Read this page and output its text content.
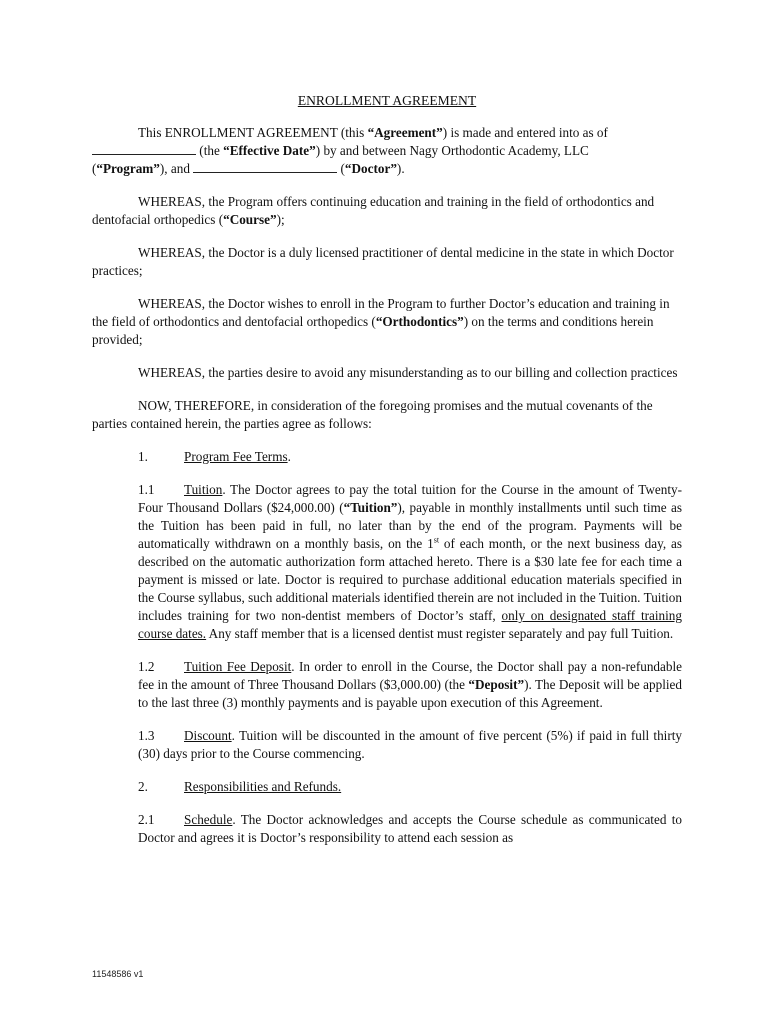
ENROLLMENT AGREEMENT

This ENROLLMENT AGREEMENT (this “Agreement”) is made and entered into as of
(the “Effective Date”) by and between Nagy Orthodontic Academy, LLC
(“Program”), and	(“Doctor”).

WHEREAS, the Program offers continuing education and training in the field of orthodontics and dentofacial orthopedics (“Course”);

WHEREAS, the Doctor is a duly licensed practitioner of dental medicine in the state in which Doctor practices;

WHEREAS, the Doctor wishes to enroll in the Program to further Doctor’s education and training in the field of orthodontics and dentofacial orthopedics (“Orthodontics”) on the terms and conditions herein provided;

WHEREAS, the parties desire to avoid any misunderstanding as to our billing and collection practices

NOW, THEREFORE, in consideration of the foregoing promises and the mutual covenants of the parties contained herein, the parties agree as follows:

1.	Program Fee Terms.
1.1 Tuition. The Doctor agrees to pay the total tuition for the Course in the amount of Twenty-Four Thousand Dollars ($24,000.00) (“Tuition”), payable in monthly installments until such time as the Tuition has been paid in full, no later than by the end of the program. Payments will be automatically withdrawn on a monthly basis, on the 1st of each month, or the next business day, as described on the automatic authorization form attached hereto. There is a $30 late fee for each time a payment is missed or late. Doctor is required to purchase additional education materials specified in the Course syllabus, such additional materials identified therein are not included in the Tuition. Tuition includes training for two non-dentist members of Doctor’s staff, only on designated staff training course dates. Any staff member that is a licensed dentist must register separately and pay full Tuition.
1.2 Tuition Fee Deposit. In order to enroll in the Course, the Doctor shall pay a non-refundable fee in the amount of Three Thousand Dollars ($3,000.00) (the “Deposit”). The Deposit will be applied to the last three (3) monthly payments and is payable upon execution of this Agreement.
1.3 Discount. Tuition will be discounted in the amount of five percent (5%) if paid in full thirty (30) days prior to the Course commencing.
2.	Responsibilities and Refunds.
2.1 Schedule. The Doctor acknowledges and accepts the Course schedule as communicated to Doctor and agrees it is Doctor’s responsibility to attend each session as
11548586 v1
